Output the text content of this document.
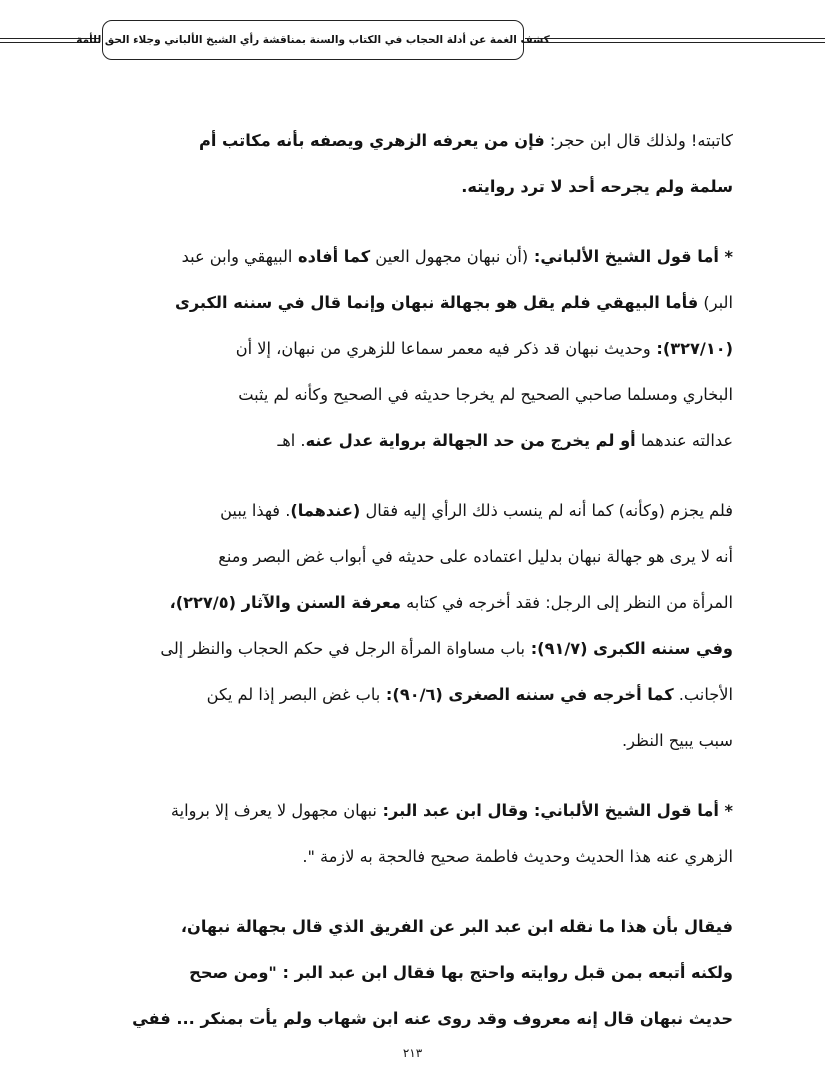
كشف الغمة عن أدلة الحجاب في الكتاب والسنة بمناقشة رأي الشيخ الألباني وجلاء الحق للأمة
كاتبته! ولذلك قال ابن حجر: فإن من يعرفه الزهري ويصفه بأنه مكاتب أم
سلمة ولم يجرحه أحد لا ترد روايته.
* أما قول الشيخ الألباني: (أن نبهان مجهول العين كما أفاده البيهقي وابن عبد
البر) فأما البيهقي فلم يقل هو بجهالة نبهان وإنما قال في سننه الكبرى
(٣٢٧/١٠): وحديث نبهان قد ذكر فيه معمر سماعا للزهري من نبهان، إلا أن
البخاري ومسلما صاحبي الصحيح لم يخرجا حديثه في الصحيح وكأنه لم يثبت
عدالته عندهما أو لم يخرج من حد الجهالة برواية عدل عنه. اهـ
فلم يجزم (وكأنه) كما أنه لم ينسب ذلك الرأي إليه فقال (عندهما). فهذا يبين
أنه لا يرى هو جهالة نبهان بدليل اعتماده على حديثه في أبواب غض البصر ومنع
المرأة من النظر إلى الرجل: فقد أخرجه في كتابه معرفة السنن والآثار (٢٢٧/٥)،
وفي سننه الكبرى (٩١/٧): باب مساواة المرأة الرجل في حكم الحجاب والنظر إلى
الأجانب. كما أخرجه في سننه الصغرى (٩٠/٦): باب غض البصر إذا لم يكن
سبب يبيح النظر.
* أما قول الشيخ الألباني: وقال ابن عبد البر: نبهان مجهول لا يعرف إلا برواية
الزهري عنه هذا الحديث وحديث فاطمة صحيح فالحجة به لازمة ".
فيقال بأن هذا ما نقله ابن عبد البر عن الفريق الذي قال بجهالة نبهان،
ولكنه أتبعه بمن قبل روايته واحتج بها فقال ابن عبد البر : "ومن صحح
حديث نبهان قال إنه معروف وقد روى عنه ابن شهاب ولم يأت بمنكر ... ففي
٢١٣
